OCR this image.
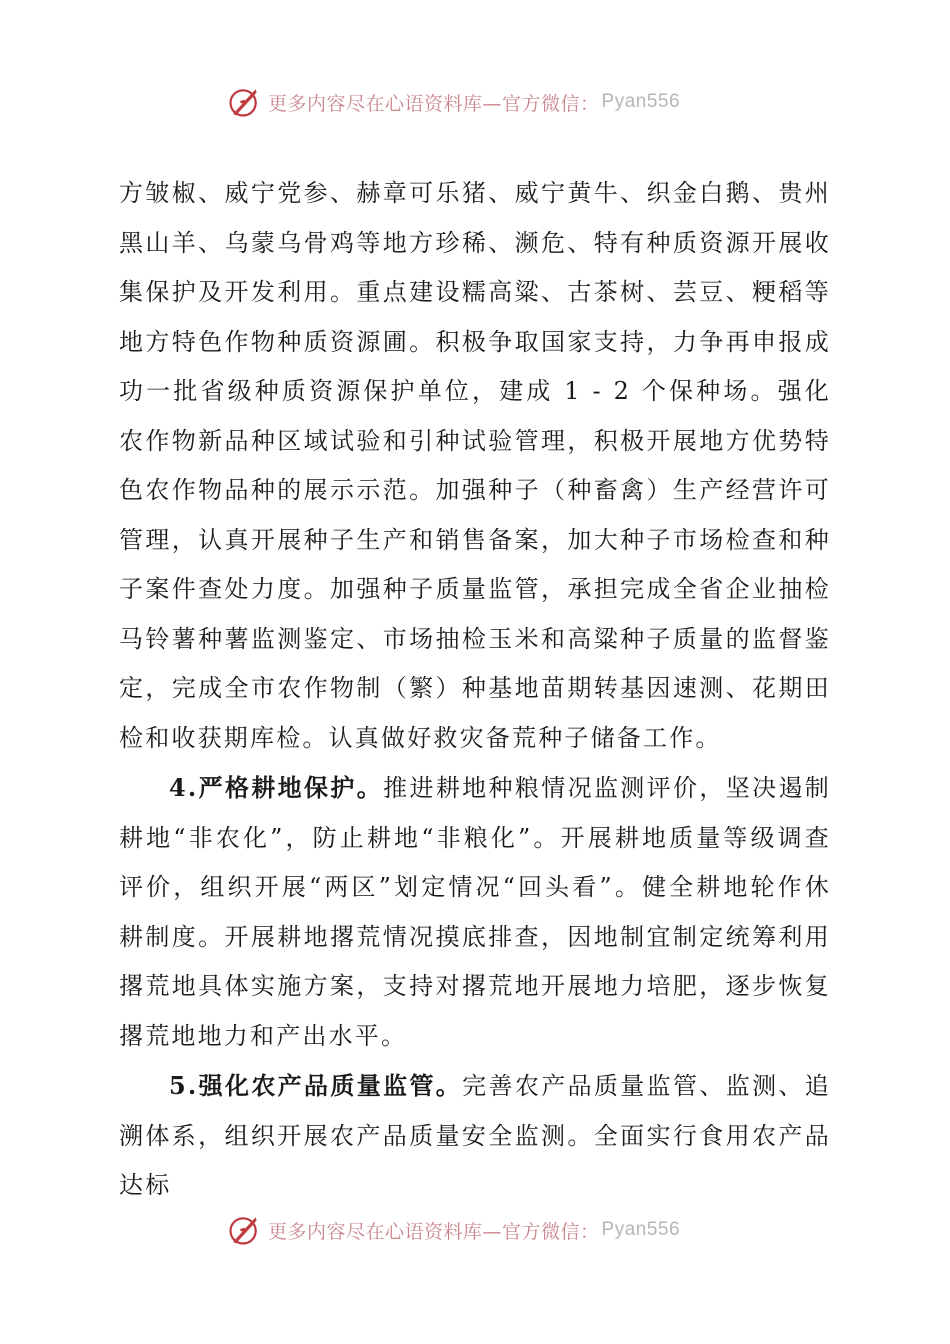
更多内容尽在心语资料库—官方微信： Pyan556

方皱椒、威宁党参、赫章可乐猪、威宁黄牛、织金白鹅、贵州黑山羊、乌蒙乌骨鸡等地方珍稀、濒危、特有种质资源开展收集保护及开发利用。重点建设糯高粱、古茶树、芸豆、粳稻等地方特色作物种质资源圃。积极争取国家支持，力争再申报成功一批省级种质资源保护单位，建成 1 - 2 个保种场。强化农作物新品种区域试验和引种试验管理，积极开展地方优势特色农作物品种的展示示范。加强种子（种畜禽）生产经营许可管理，认真开展种子生产和销售备案，加大种子市场检查和种子案件查处力度。加强种子质量监管，承担完成全省企业抽检马铃薯种薯监测鉴定、市场抽检玉米和高粱种子质量的监督鉴定，完成全市农作物制（繁）种基地苗期转基因速测、花期田检和收获期库检。认真做好救灾备荒种子储备工作。

4.严格耕地保护。推进耕地种粮情况监测评价，坚决遏制耕地“非农化”，防止耕地“非粮化”。开展耕地质量等级调查评价，组织开展“两区”划定情况“回头看”。健全耕地轮作休耕制度。开展耕地撂荒情况摸底排查，因地制宜制定统筹利用撂荒地具体实施方案，支持对撂荒地开展地力培肥，逐步恢复撂荒地地力和产出水平。

5.强化农产品质量监管。完善农产品质量监管、监测、追溯体系，组织开展农产品质量安全监测。全面实行食用农产品达标

更多内容尽在心语资料库—官方微信： Pyan556
